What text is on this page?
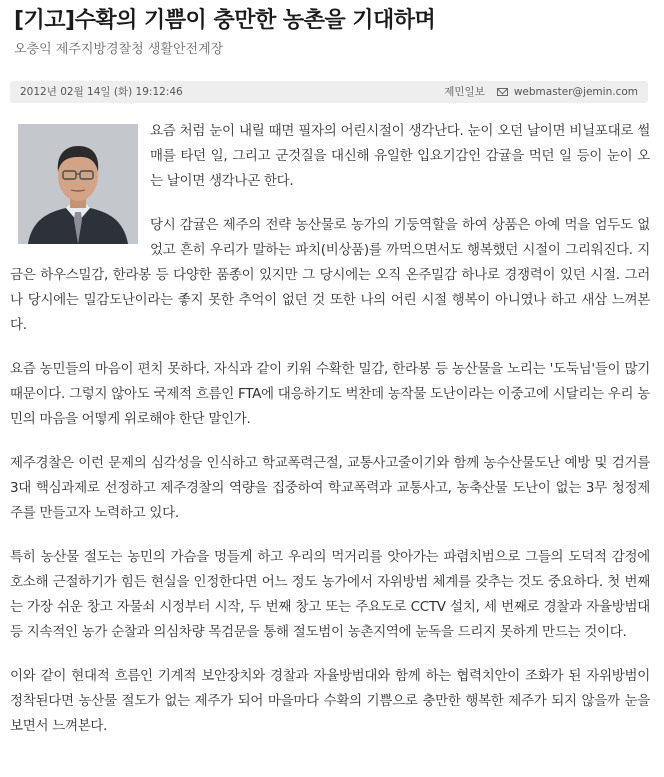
[기고]수확의 기쁨이 충만한 농촌을 기대하며
오충익 제주지방경찰청 생활안전계장
2012년 02월 14일 (화) 19:12:46	제민일보	webmaster@jemin.com

요즘 처럼 눈이 내릴 때면 필자의 어린시절이 생각난다. 눈이 오던 날이면 비닐포대로 썰매를 타던 일, 그리고 군것질을 대신해 유일한 입요기감인 감귤을 먹던 일 등이 눈이 오는 날이면 생각나곤 한다.

당시 감귤은 제주의 전략 농산물로 농가의 기둥역할을 하여 상품은 아예 먹을 엄두도 없었고 흔히 우리가 말하는 파치(비상품)를 까먹으면서도 행복했던 시절이 그리워진다. 지금은 하우스밀감, 한라봉 등 다양한 품종이 있지만 그 당시에는 오직 온주밀감 하나로 경쟁력이 있던 시절. 그러나 당시에는 밀감도난이라는 좋지 못한 추억이 없던 것 또한 나의 어린 시절 행복이 아니였나 하고 새삼 느껴본다.

요즘 농민들의 마음이 편치 못하다. 자식과 같이 키워 수확한 밀감, 한라봉 등 농산물을 노리는 '도둑님'들이 많기 때문이다. 그렇지 않아도 국제적 흐름인 FTA에 대응하기도 벅찬데 농작물 도난이라는 이중고에 시달리는 우리 농민의 마음을 어떻게 위로해야 한단 말인가.

제주경찰은 이런 문제의 심각성을 인식하고 학교폭력근절, 교통사고줄이기와 함께 농수산물도난 예방 및 검거를 3대 핵심과제로 선정하고 제주경찰의 역량을 집중하여 학교폭력과 교통사고, 농축산물 도난이 없는 3무 청정제주를 만들고자 노력하고 있다.

특히 농산물 절도는 농민의 가슴을 멍들게 하고 우리의 먹거리를 앗아가는 파렴치범으로 그들의 도덕적 감정에 호소해 근절하기가 힘든 현실을 인정한다면 어느 정도 농가에서 자위방범 체계를 갖추는 것도 중요하다. 첫 번째는 가장 쉬운 창고 자물쇠 시정부터 시작, 두 번째 창고 또는 주요도로 CCTV 설치, 세 번째로 경찰과 자율방범대 등 지속적인 농가 순찰과 의심차량 목검문을 통해 절도범이 농촌지역에 눈독을 드리지 못하게 만드는 것이다.

이와 같이 현대적 흐름인 기계적 보안장치와 경찰과 자율방범대와 함께 하는 협력치안이 조화가 된 자위방범이 정착된다면 농산물 절도가 없는 제주가 되어 마을마다 수확의 기쁨으로 충만한 행복한 제주가 되지 않을까 눈을 보면서 느껴본다.
